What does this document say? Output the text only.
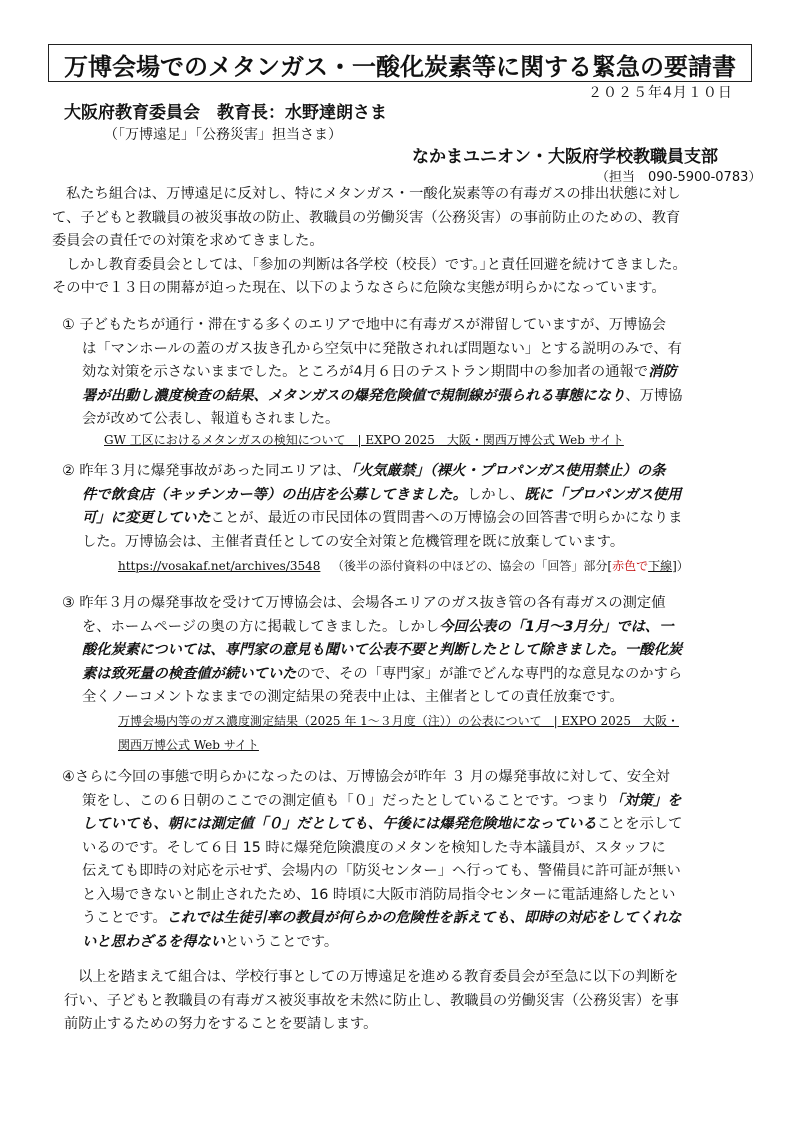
万博会場でのメタンガス・一酸化炭素等に関する緊急の要請書
２０２５年4月１０日
大阪府教育委員会　教育長：水野達朗さま
（「万博遠足」「公務災害」担当さま）
なかまユニオン・大阪府学校教職員支部
（担当　090-5900-0783）
私たち組合は、万博遠足に反対し、特にメタンガス・一酸化炭素等の有毒ガスの排出状態に対し
て、子どもと教職員の被災事故の防止、教職員の労働災害（公務災害）の事前防止のための、教育
委員会の責任での対策を求めてきました。
しかし教育委員会としては、｢参加の判断は各学校（校長）です。｣と責任回避を続けてきました。
その中で１３日の開幕が迫った現在、以下のようなさらに危険な実態が明らかになっています。
① 子どもたちが通行・滞在する多くのエリアで地中に有毒ガスが滞留していますが、万博協会
は「マンホールの蓋のガス抜き孔から空気中に発散されれば問題ない」とする説明のみで、有
効な対策を示さないままでした。ところが4月６日のテストラン期間中の参加者の通報で消防
署が出動し濃度検査の結果、メタンガスの爆発危険値で規制線が張られる事態になり、万博協
会が改めて公表し、報道もされました。
GW 工区におけるメタンガスの検知について　| EXPO 2025　大阪・関西万博公式 Web サイト
② 昨年３月に爆発事故があった同エリアは、「火気厳禁」（裸火・プロパンガス使用禁止）の条
件で飲食店（キッチンカー等）の出店を公募してきました。しかし、既に「プロパンガス使用
可」に変更していたことが、最近の市民団体の質問書への万博協会の回答書で明らかになりま
した。万博協会は、主催者責任としての安全対策と危機管理を既に放棄しています。
https://vosakaf.net/archives/3548 （後半の添付資料の中ほどの、協会の「回答」部分[赤色で下線]）
③ 昨年３月の爆発事故を受けて万博協会は、会場各エリアのガス抜き管の各有毒ガスの測定値
を、ホームページの奥の方に掲載してきました。しかし今回公表の「1月～3月分」では、一
酸化炭素については、専門家の意見も聞いて公表不要と判断したとして除きました。一酸化炭
素は致死量の検査値が続いていたので、その「専門家」が誰でどんな専門的な意見なのかすら
全くノーコメントなままでの測定結果の発表中止は、主催者としての責任放棄です。
万博会場内等のガス濃度測定結果（2025 年 1～３月度（注））の公表について　| EXPO 2025　大阪・
関西万博公式 Web サイト
④さらに今回の事態で明らかになったのは、万博協会が昨年 ３ 月の爆発事故に対して、安全対
策をし、この６日朝のここでの測定値も「０」だったとしていることです。つまり「対策」を
していても、朝には測定値「０」だとしても、午後には爆発危険地になっていることを示して
いるのです。そして６日 15 時に爆発危険濃度のメタンを検知した寺本議員が、スタッフに
伝えても即時の対応を示せず、会場内の「防災センター」へ行っても、警備員に許可証が無い
と入場できないと制止されたため、16 時頃に大阪市消防局指令センターに電話連絡したとい
うことです。これでは生徒引率の教員が何らかの危険性を訴えても、即時の対応をしてくれな
いと思わざるを得ないということです。
以上を踏まえて組合は、学校行事としての万博遠足を進める教育委員会が至急に以下の判断を
行い、子どもと教職員の有毒ガス被災事故を未然に防止し、教職員の労働災害（公務災害）を事
前防止するための努力をすることを要請します。
